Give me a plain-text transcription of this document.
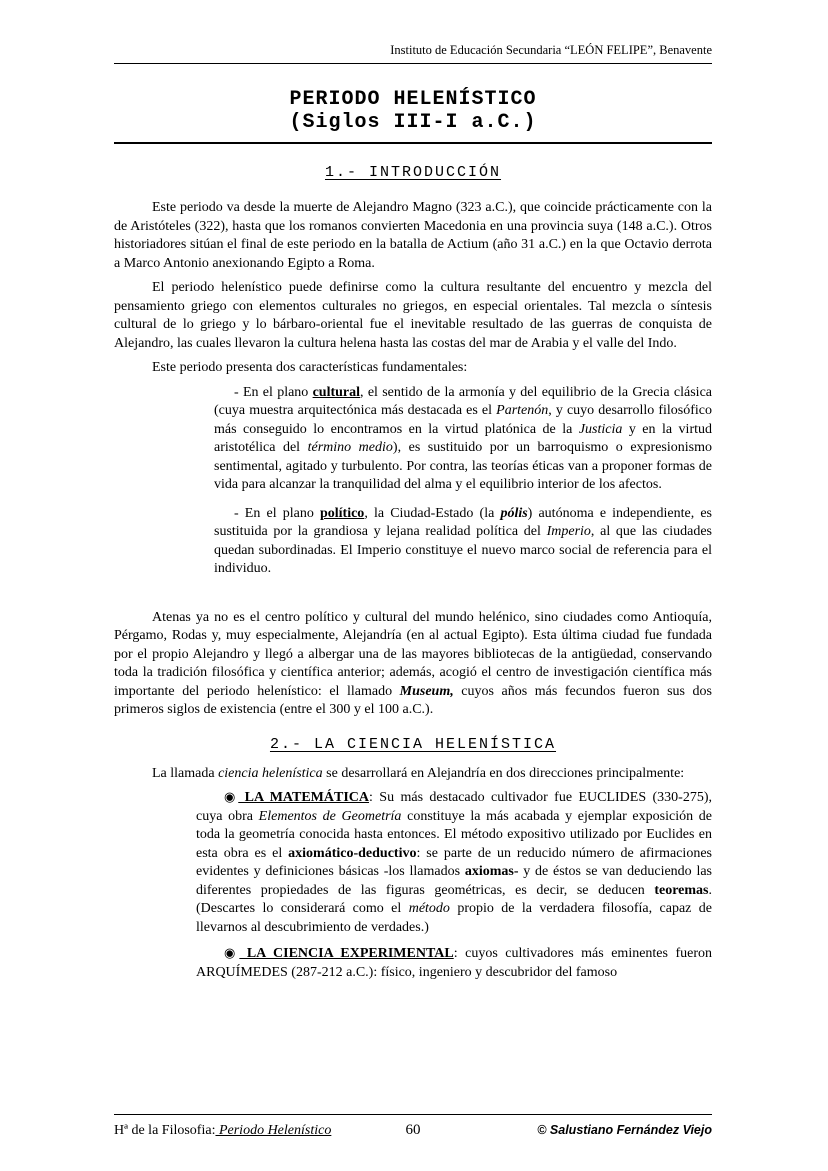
Instituto de Educación Secundaria “LEÓN FELIPE”, Benavente
PERIODO HELENÍSTICO
(Siglos III-I a.C.)
1.- INTRODUCCIÓN

Este periodo va desde la muerte de Alejandro Magno (323 a.C.), que coincide prácticamente con la de Aristóteles (322), hasta que los romanos convierten Macedonia en una provincia suya (148 a.C.). Otros historiadores sitúan el final de este periodo en la batalla de Actium (año 31 a.C.) en la que Octavio derrota a Marco Antonio anexionando Egipto a Roma.

El periodo helenístico puede definirse como la cultura resultante del encuentro y mezcla del pensamiento griego con elementos culturales no griegos, en especial orientales. Tal mezcla o síntesis cultural de lo griego y lo bárbaro-oriental fue el inevitable resultado de las guerras de conquista de Alejandro, las cuales llevaron la cultura helena hasta las costas del mar de Arabia y el valle del Indo.

Este periodo presenta dos características fundamentales:

- En el plano cultural, el sentido de la armonía y del equilibrio de la Grecia clásica (cuya muestra arquitectónica más destacada es el Partenón, y cuyo desarrollo filosófico más conseguido lo encontramos en la virtud platónica de la Justicia y en la virtud aristotélica del término medio), es sustituido por un barroquismo o expresionismo sentimental, agitado y turbulento. Por contra, las teorías éticas van a proponer formas de vida para alcanzar la tranquilidad del alma y el equilibrio interior de los afectos.

- En el plano político, la Ciudad-Estado (la pólis) autónoma e independiente, es sustituida por la grandiosa y lejana realidad política del Imperio, al que las ciudades quedan subordinadas. El Imperio constituye el nuevo marco social de referencia para el individuo.

Atenas ya no es el centro político y cultural del mundo helénico, sino ciudades como Antioquía, Pérgamo, Rodas y, muy especialmente, Alejandría (en al actual Egipto). Esta última ciudad fue fundada por el propio Alejandro y llegó a albergar una de las mayores bibliotecas de la antigüedad, conservando toda la tradición filosófica y científica anterior; además, acogió el centro de investigación científica más importante del periodo helenístico: el llamado Museum, cuyos años más fecundos fueron sus dos primeros siglos de existencia (entre el 300 y el 100 a.C.).

2.- LA CIENCIA HELENÍSTICA

La llamada ciencia helenística se desarrollará en Alejandría en dos direcciones principalmente:

◉ LA MATEMÁTICA: Su más destacado cultivador fue EUCLIDES (330-275), cuya obra Elementos de Geometría constituye la más acabada y ejemplar exposición de toda la geometría conocida hasta entonces. El método expositivo utilizado por Euclides en esta obra es el axiomático-deductivo: se parte de un reducido número de afirmaciones evidentes y definiciones básicas -los llamados axiomas- y de éstos se van deduciendo las diferentes propiedades de las figuras geométricas, es decir, se deducen teoremas. (Descartes lo considerará como el método propio de la verdadera filosofía, capaz de llevarnos al descubrimiento de verdades.)

◉ LA CIENCIA EXPERIMENTAL: cuyos cultivadores más eminentes fueron ARQUÍMEDES (287-212 a.C.): físico, ingeniero y descubridor del famoso

Hª de la Filosofia: Periodo Helenístico	60	© Salustiano Fernández Viejo
